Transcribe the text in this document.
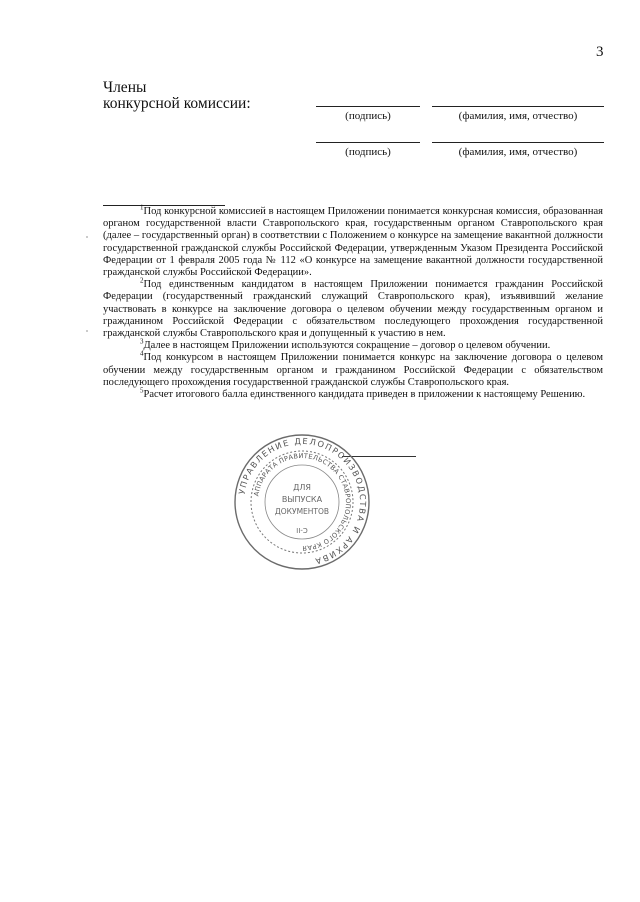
3
Члены
конкурсной комиссии:
(подпись)	(фамилия, имя, отчество)
(подпись)	(фамилия, имя, отчество)

$^1$Под конкурсной комиссией в настоящем Приложении понимается конкурсная комиссия, образованная органом государственной власти Ставропольского края, государственным органом Ставропольского края (далее – государственный орган) в соответствии с Положением о конкурсе на замещение вакантной должности государственной гражданской службы Российской Федерации, утвержденным Указом Президента Российской Федерации от 1 февраля 2005 года № 112 «О конкурсе на замещение вакантной должности государственной гражданской службы Российской Федерации».

$^2$Под единственным кандидатом в настоящем Приложении понимается гражданин Российской Федерации (государственный гражданский служащий Ставропольского края), изъявивший желание участвовать в конкурсе на заключение договора о целевом обучении между государственным органом и гражданином Российской Федерации с обязательством последующего прохождения государственной гражданской службы Ставропольского края и допущенный к участию в нем.

$^3$Далее в настоящем Приложении используются сокращение – договор о целевом обучении.

$^4$Под конкурсом в настоящем Приложении понимается конкурс на заключение договора о целевом обучении между государственным органом и гражданином Российской Федерации с обязательством последующего прохождения государственной гражданской службы Ставропольского края.

$^5$Расчет итогового балла единственного кандидата приведен в приложении к настоящему Решению.

УПРАВЛЕНИЕ ДЕЛОПРОИЗВОДСТВА И АРХИВА
АППАРАТА ПРАВИТЕЛЬСТВА СТАВРОПОЛЬСКОГО КРАЯ
ДЛЯ
ВЫПУСКА
ДОКУМЕНТОВ
С-II
